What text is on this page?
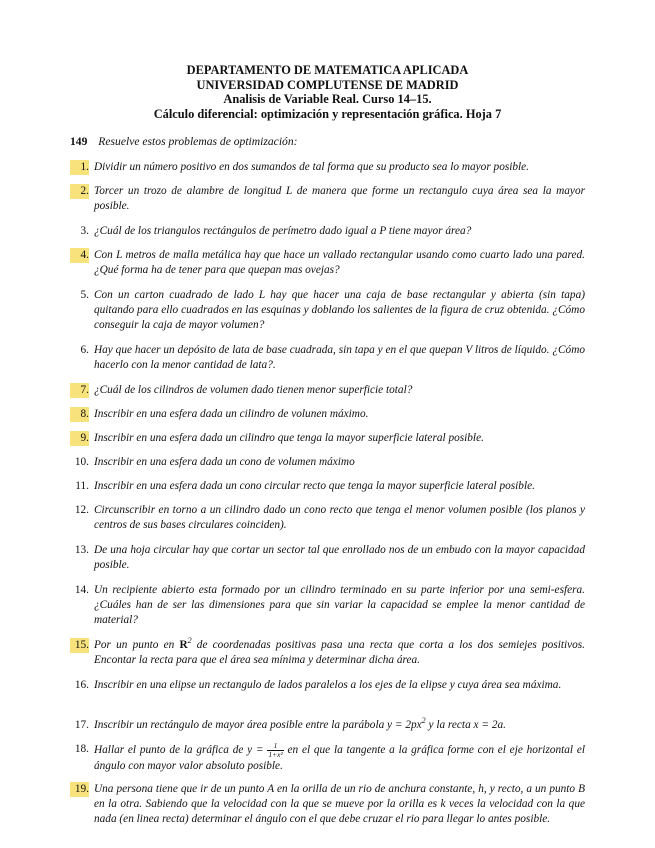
DEPARTAMENTO DE MATEMATICA APLICADA
UNIVERSIDAD COMPLUTENSE DE MADRID
Analisis de Variable Real. Curso 14–15.
Cálculo diferencial: optimización y representación gráfica. Hoja 7
149 Resuelve estos problemas de optimización:
1. Dividir un número positivo en dos sumandos de tal forma que su producto sea lo mayor posible.
2. Torcer un trozo de alambre de longitud L de manera que forme un rectangulo cuya área sea la mayor posible.
3. ¿Cuál de los triangulos rectángulos de perímetro dado igual a P tiene mayor área?
4. Con L metros de malla metálica hay que hace un vallado rectangular usando como cuarto lado una pared. ¿Qué forma ha de tener para que quepan mas ovejas?
5. Con un carton cuadrado de lado L hay que hacer una caja de base rectangular y abierta (sin tapa) quitando para ello cuadrados en las esquinas y doblando los salientes de la figura de cruz obtenida. ¿Cómo conseguir la caja de mayor volumen?
6. Hay que hacer un depósito de lata de base cuadrada, sin tapa y en el que quepan V litros de líquido. ¿Cómo hacerlo con la menor cantidad de lata?.
7. ¿Cuál de los cilindros de volumen dado tienen menor superficie total?
8. Inscribir en una esfera dada un cilindro de volunen máximo.
9. Inscribir en una esfera dada un cilindro que tenga la mayor superficie lateral posible.
10. Inscribir en una esfera dada un cono de volumen máximo
11. Inscribir en una esfera dada un cono circular recto que tenga la mayor superficie lateral posible.
12. Circunscribir en torno a un cilindro dado un cono recto que tenga el menor volumen posible (los planos y centros de sus bases circulares coinciden).
13. De una hoja circular hay que cortar un sector tal que enrollado nos de un embudo con la mayor capacidad posible.
14. Un recipiente abierto esta formado por un cilindro terminado en su parte inferior por una semi-esfera. ¿Cuáles han de ser las dimensiones para que sin variar la capacidad se emplee la menor cantidad de material?
15. Por un punto en $R^2$ de coordenadas positivas pasa una recta que corta a los dos semiejes positivos. Encontar la recta para que el área sea mínima y determinar dicha área.
16. Inscribir en una elipse un rectangulo de lados paralelos a los ejes de la elipse y cuya área sea máxima.
17. Inscribir un rectángulo de mayor área posible entre la parábola $y = 2px^2$ y la recta x = 2a.
18. Hallar el punto de la gráfica de $y = \frac{1}{\text{1+x²}}$ en el que la tangente a la gráfica forme con el eje horizontal el ángulo con mayor valor absoluto posible.
19. Una persona tiene que ir de un punto A en la orilla de un rio de anchura constante, h, y recto, a un punto B en la otra. Sabiendo que la velocidad con la que se mueve por la orilla es k veces la velocidad con la que nada (en linea recta) determinar el ángulo con el que debe cruzar el rio para llegar lo antes posible.
